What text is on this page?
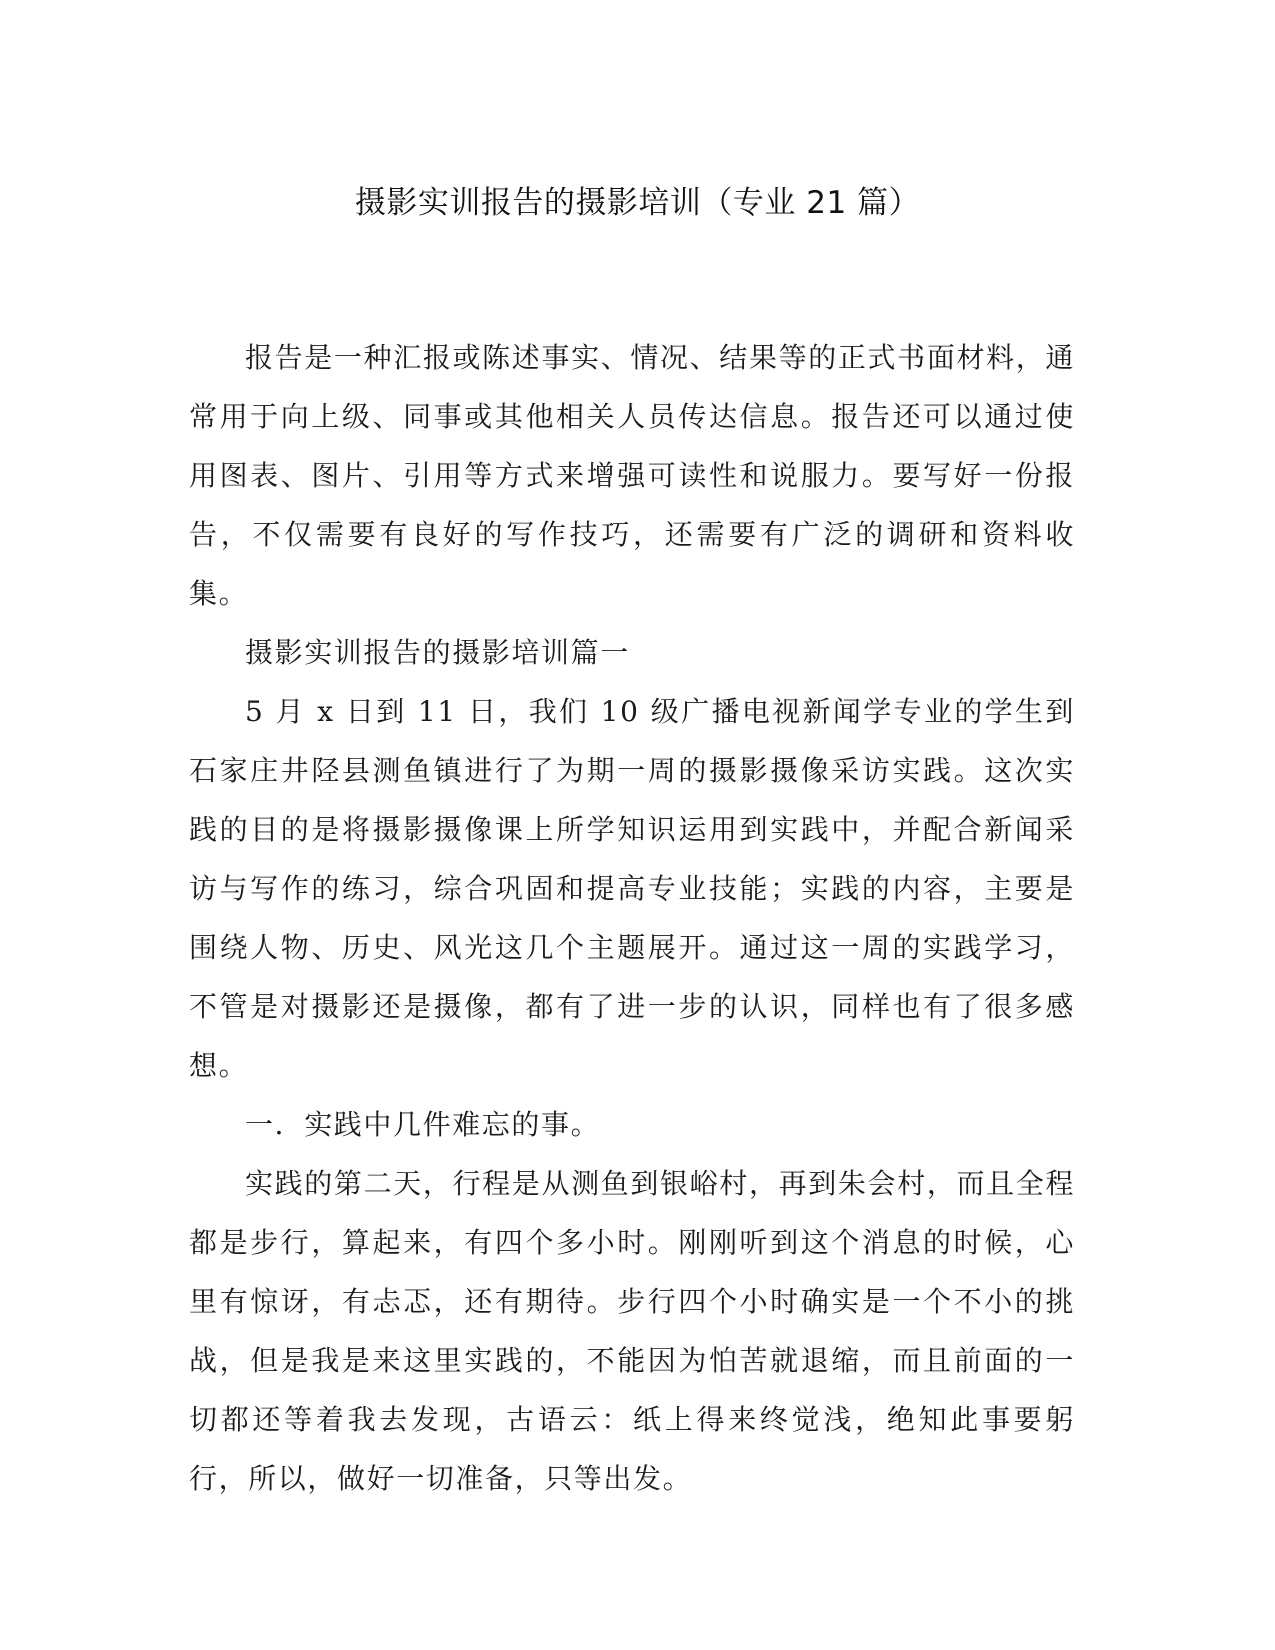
摄影实训报告的摄影培训（专业 21 篇）

报告是一种汇报或陈述事实、情况、结果等的正式书面材料，通常用于向上级、同事或其他相关人员传达信息。报告还可以通过使用图表、图片、引用等方式来增强可读性和说服力。要写好一份报告，不仅需要有良好的写作技巧，还需要有广泛的调研和资料收集。

摄影实训报告的摄影培训篇一

5 月 x 日到 11 日，我们 10 级广播电视新闻学专业的学生到石家庄井陉县测鱼镇进行了为期一周的摄影摄像采访实践。这次实践的目的是将摄影摄像课上所学知识运用到实践中，并配合新闻采访与写作的练习，综合巩固和提高专业技能；实践的内容，主要是围绕人物、历史、风光这几个主题展开。通过这一周的实践学习，不管是对摄影还是摄像，都有了进一步的认识，同样也有了很多感想。

一．实践中几件难忘的事。

实践的第二天，行程是从测鱼到银峪村，再到朱会村，而且全程都是步行，算起来，有四个多小时。刚刚听到这个消息的时候，心里有惊讶，有忐忑，还有期待。步行四个小时确实是一个不小的挑战，但是我是来这里实践的，不能因为怕苦就退缩，而且前面的一切都还等着我去发现，古语云：纸上得来终觉浅，绝知此事要躬行，所以，做好一切准备，只等出发。
